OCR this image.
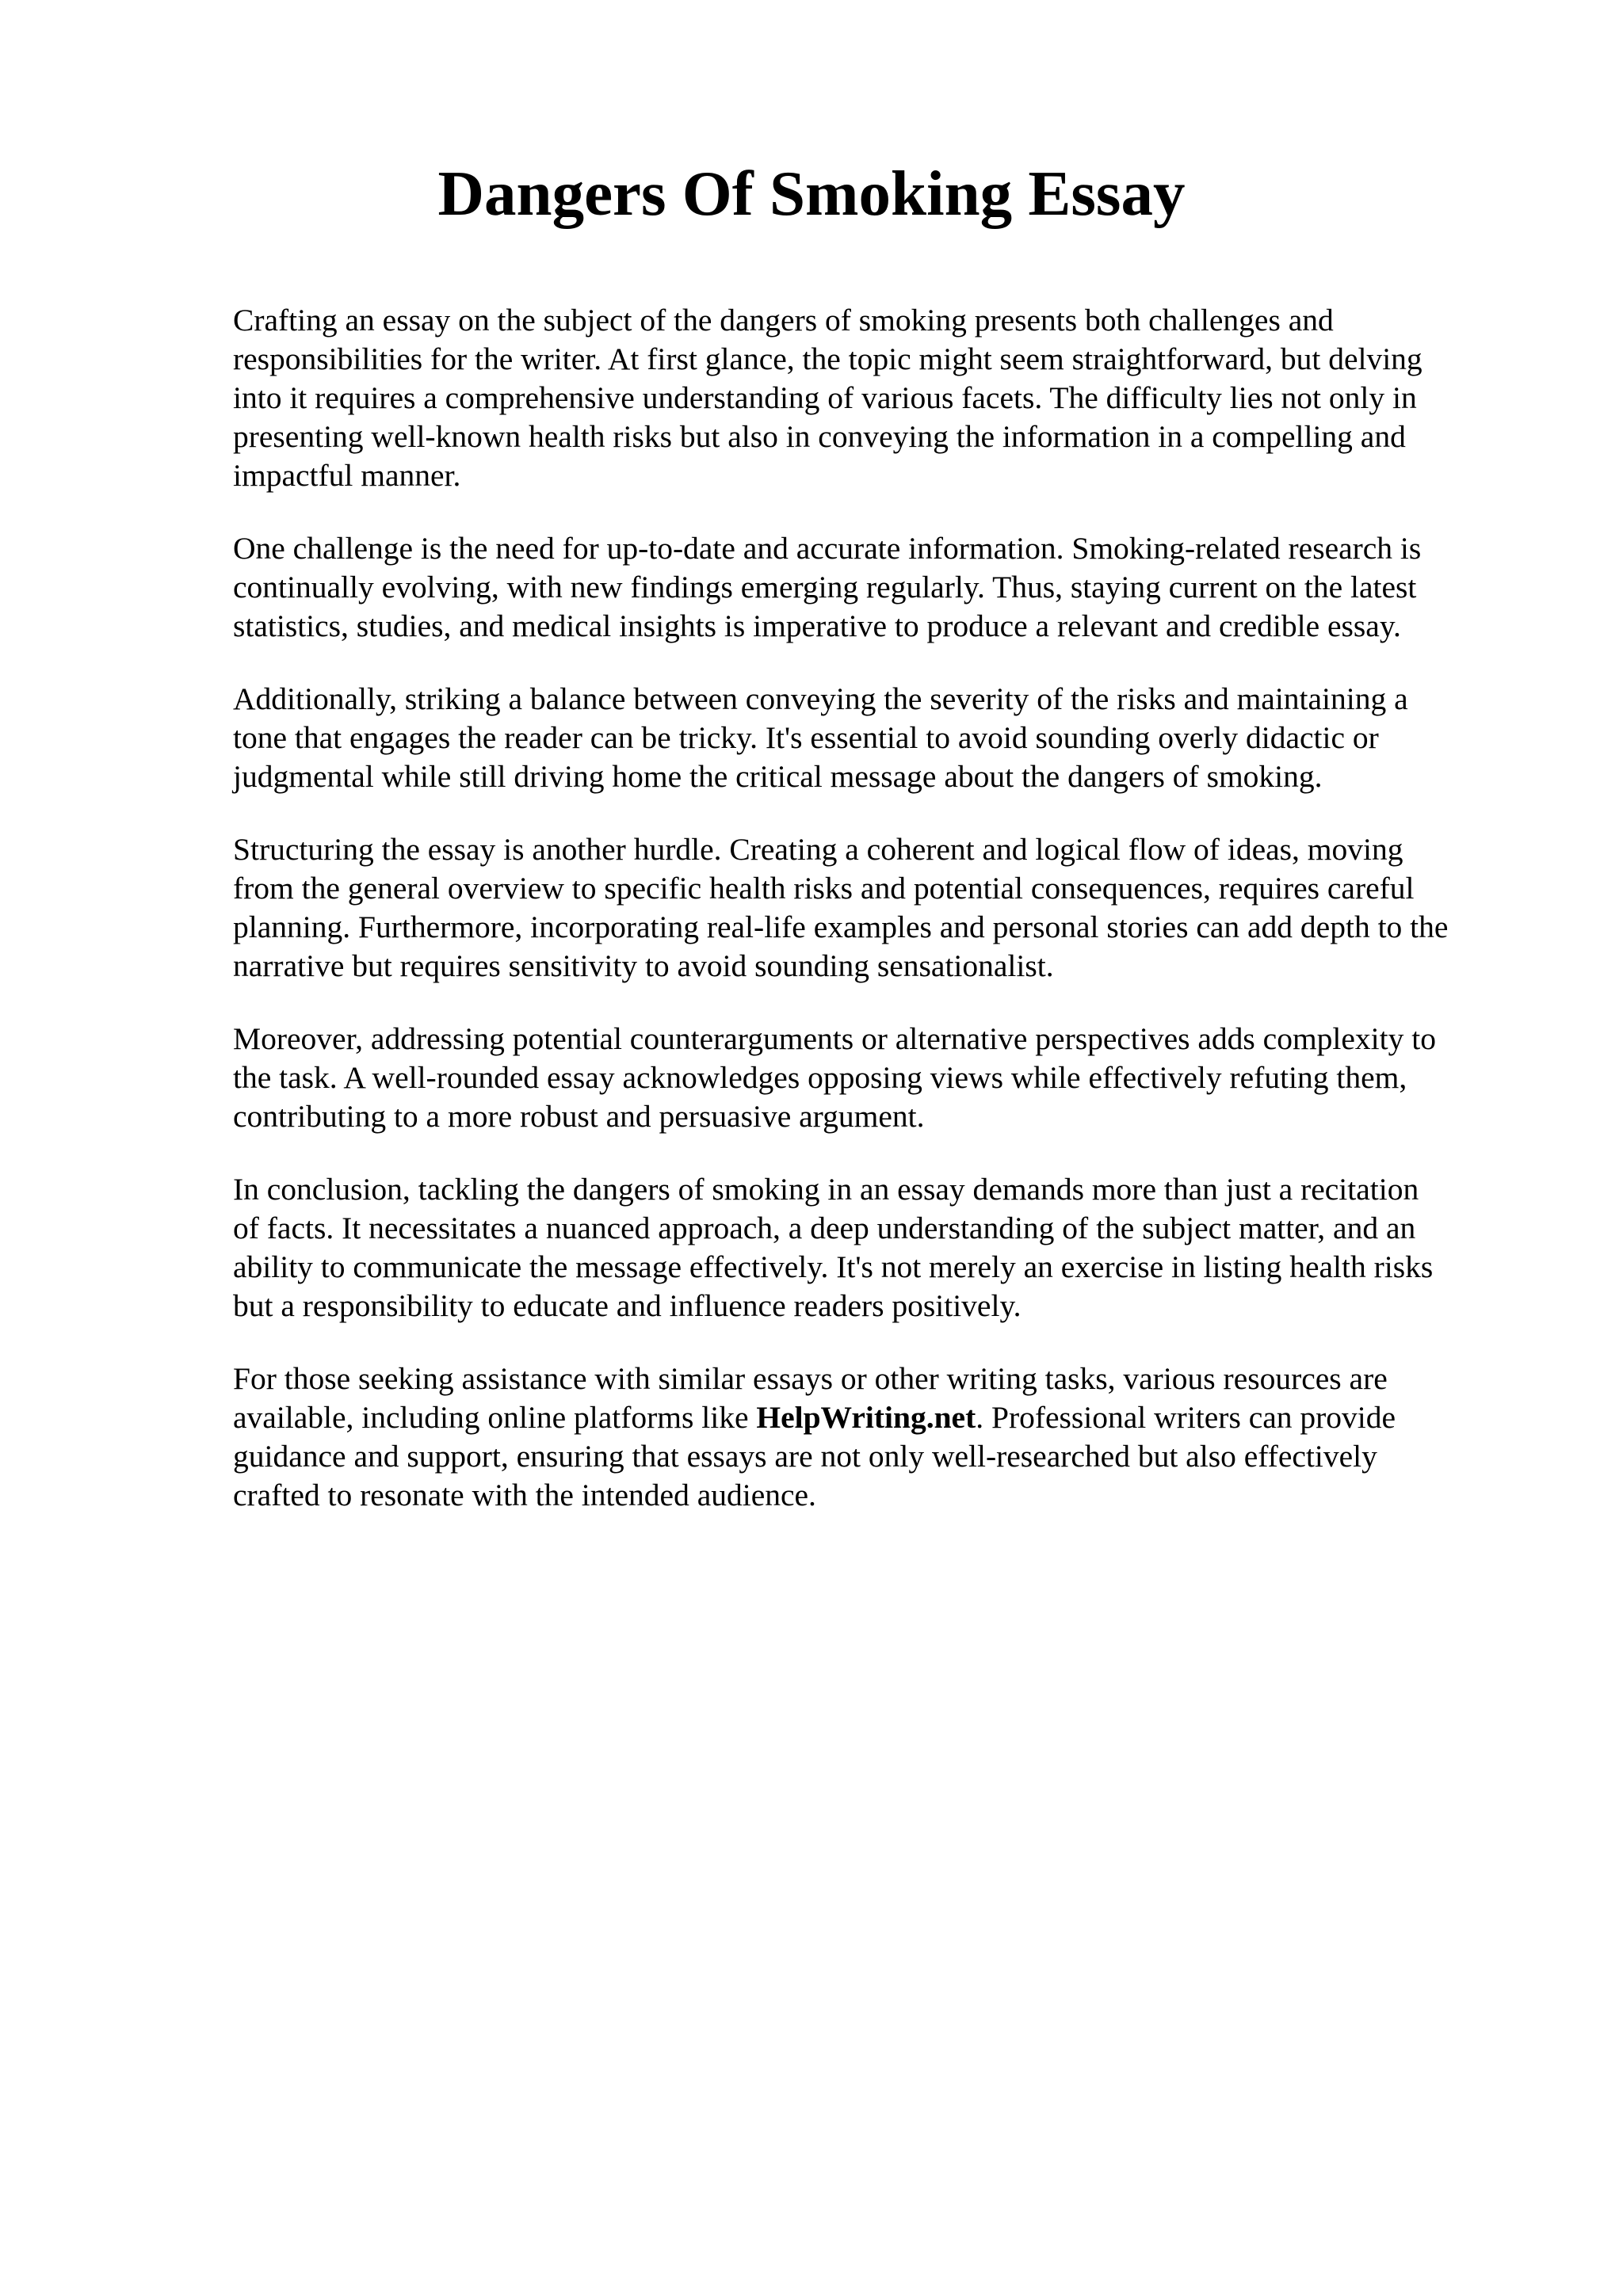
Dangers Of Smoking Essay

Crafting an essay on the subject of the dangers of smoking presents both challenges and
responsibilities for the writer. At first glance, the topic might seem straightforward, but delving
into it requires a comprehensive understanding of various facets. The difficulty lies not only in
presenting well-known health risks but also in conveying the information in a compelling and
impactful manner.

One challenge is the need for up-to-date and accurate information. Smoking-related research is
continually evolving, with new findings emerging regularly. Thus, staying current on the latest
statistics, studies, and medical insights is imperative to produce a relevant and credible essay.

Additionally, striking a balance between conveying the severity of the risks and maintaining a
tone that engages the reader can be tricky. It's essential to avoid sounding overly didactic or
judgmental while still driving home the critical message about the dangers of smoking.

Structuring the essay is another hurdle. Creating a coherent and logical flow of ideas, moving
from the general overview to specific health risks and potential consequences, requires careful
planning. Furthermore, incorporating real-life examples and personal stories can add depth to the
narrative but requires sensitivity to avoid sounding sensationalist.

Moreover, addressing potential counterarguments or alternative perspectives adds complexity to
the task. A well-rounded essay acknowledges opposing views while effectively refuting them,
contributing to a more robust and persuasive argument.

In conclusion, tackling the dangers of smoking in an essay demands more than just a recitation
of facts. It necessitates a nuanced approach, a deep understanding of the subject matter, and an
ability to communicate the message effectively. It's not merely an exercise in listing health risks
but a responsibility to educate and influence readers positively.

For those seeking assistance with similar essays or other writing tasks, various resources are
available, including online platforms like HelpWriting.net. Professional writers can provide
guidance and support, ensuring that essays are not only well-researched but also effectively
crafted to resonate with the intended audience.
